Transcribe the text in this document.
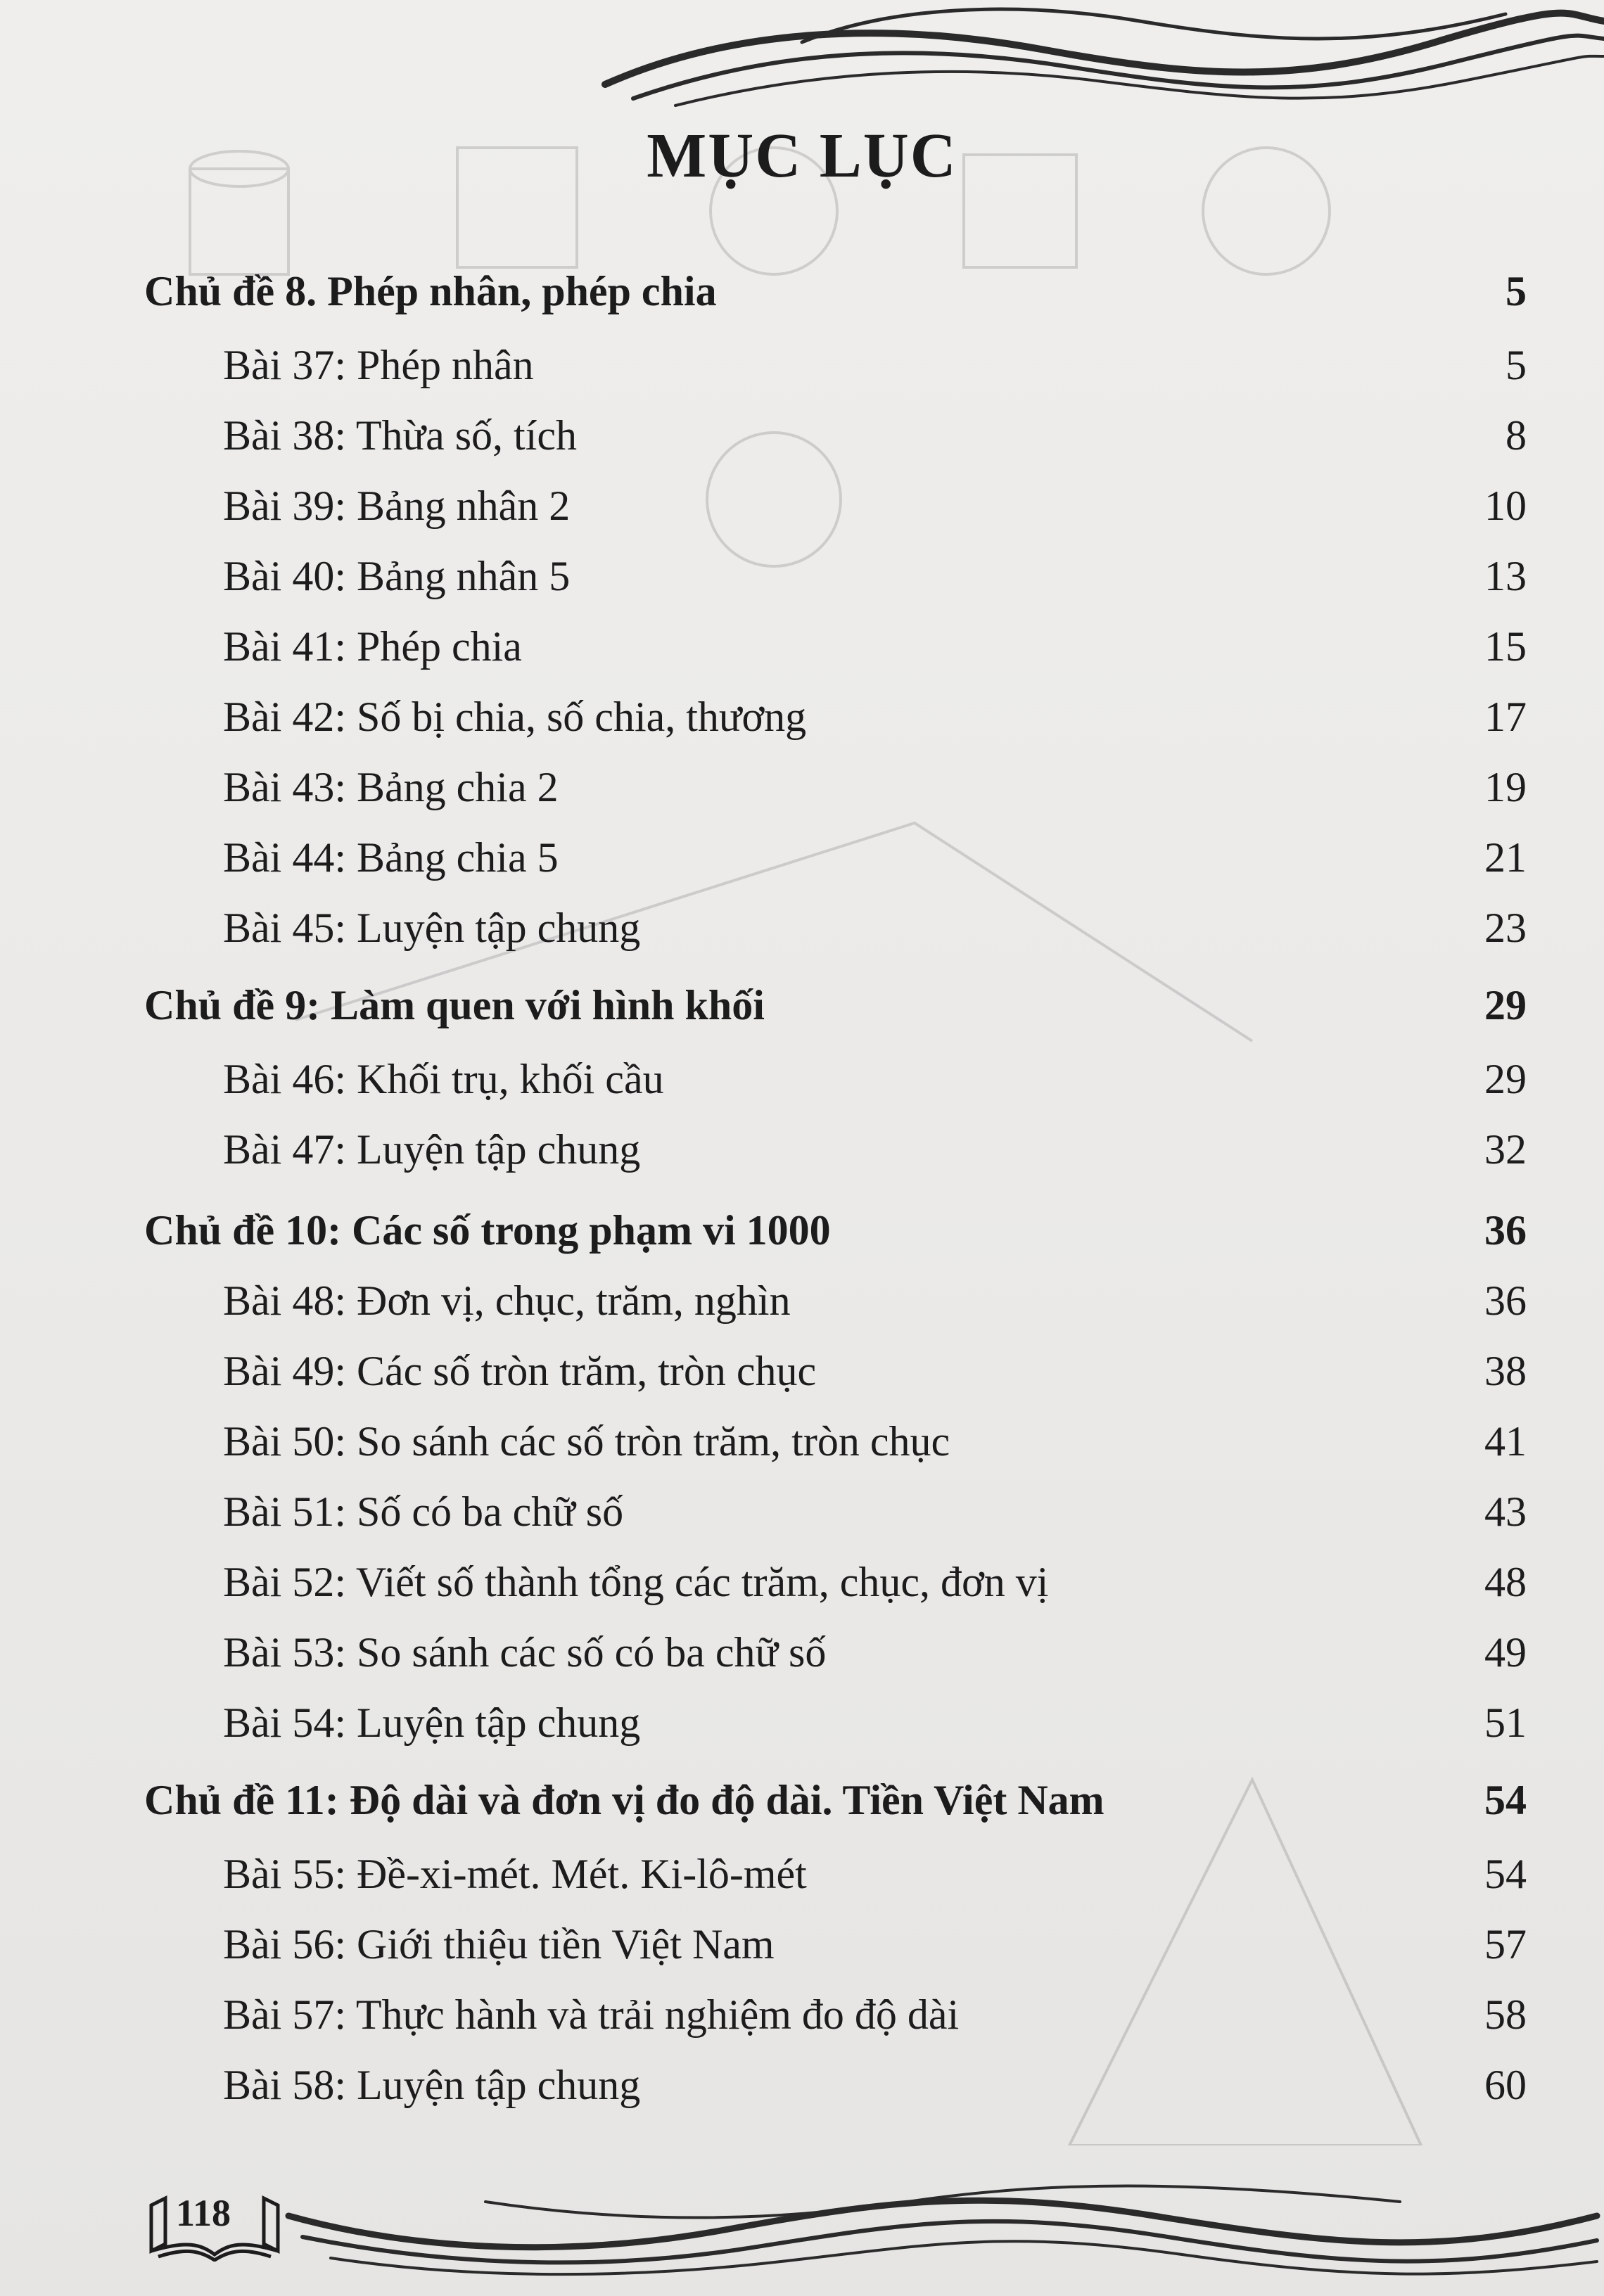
MỤC LỤC
Chủ đề 8. Phép nhân, phép chia	5
Bài 37: Phép nhân	5
Bài 38: Thừa số, tích	8
Bài 39: Bảng nhân 2	10
Bài 40: Bảng nhân 5	13
Bài 41: Phép chia	15
Bài 42: Số bị chia, số chia, thương	17
Bài 43: Bảng chia 2	19
Bài 44: Bảng chia 5	21
Bài 45: Luyện tập chung	23
Chủ đề 9: Làm quen với hình khối	29
Bài 46: Khối trụ, khối cầu	29
Bài 47: Luyện tập chung	32
Chủ đề 10: Các số trong phạm vi 1000	36
Bài 48: Đơn vị, chục, trăm, nghìn	36
Bài 49: Các số tròn trăm, tròn chục	38
Bài 50: So sánh các số tròn trăm, tròn chục	41
Bài 51: Số có ba chữ số	43
Bài 52: Viết số thành tổng các trăm, chục, đơn vị	48
Bài 53: So sánh các số có ba chữ số	49
Bài 54: Luyện tập chung	51
Chủ đề 11: Độ dài và đơn vị đo độ dài. Tiền Việt Nam	54
Bài 55: Đề-xi-mét. Mét. Ki-lô-mét	54
Bài 56: Giới thiệu tiền Việt Nam	57
Bài 57: Thực hành và trải nghiệm đo độ dài	58
Bài 58: Luyện tập chung	60
118
